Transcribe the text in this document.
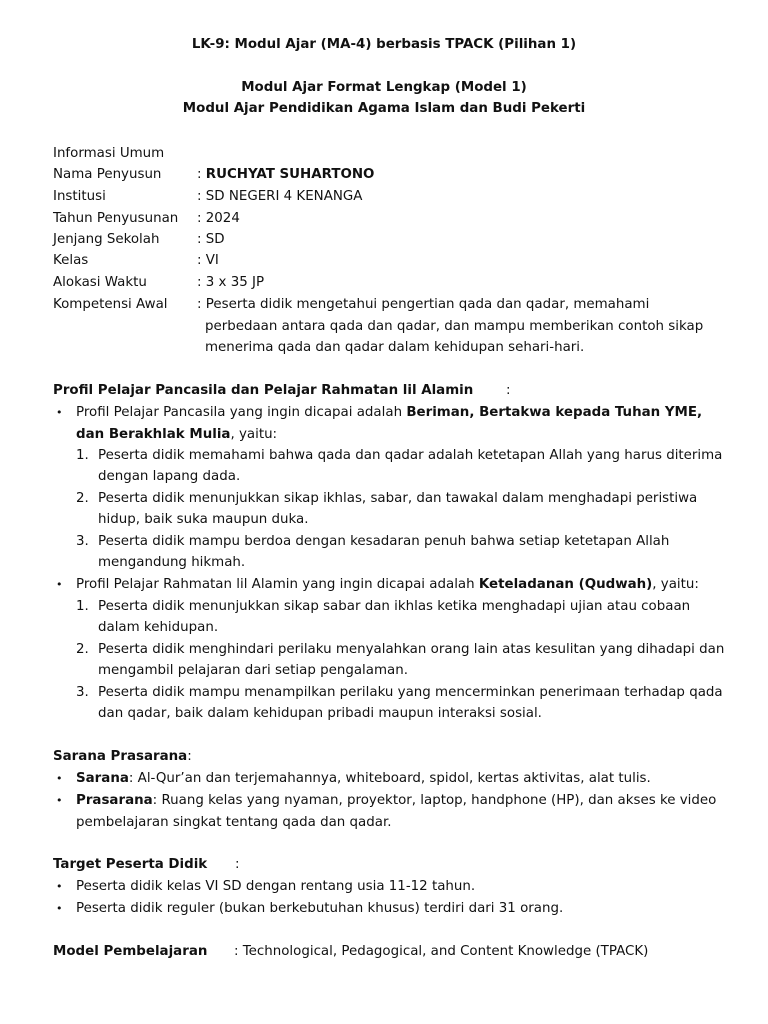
LK-9: Modul Ajar (MA-4) berbasis TPACK (Pilihan 1)
Modul Ajar Format Lengkap (Model 1)
Modul Ajar Pendidikan Agama Islam dan Budi Pekerti
Informasi Umum
Nama Penyusun	: RUCHYAT SUHARTONO
Institusi	: SD NEGERI 4 KENANGA
Tahun Penyusunan : 2024
Jenjang Sekolah	: SD
Kelas	: VI
Alokasi Waktu	: 3 x 35 JP
Kompetensi Awal : Peserta didik mengetahui pengertian qada dan qadar, memahami
perbedaan antara qada dan qadar, dan mampu memberikan contoh sikap
menerima qada dan qadar dalam kehidupan sehari-hari.
Profil Pelajar Pancasila dan Pelajar Rahmatan lil Alamin :
• Profil Pelajar Pancasila yang ingin dicapai adalah Beriman, Bertakwa kepada Tuhan YME,
dan Berakhlak Mulia, yaitu:
1. Peserta didik memahami bahwa qada dan qadar adalah ketetapan Allah yang harus diterima
dengan lapang dada.
2. Peserta didik menunjukkan sikap ikhlas, sabar, dan tawakal dalam menghadapi peristiwa
hidup, baik suka maupun duka.
3. Peserta didik mampu berdoa dengan kesadaran penuh bahwa setiap ketetapan Allah
mengandung hikmah.
• Profil Pelajar Rahmatan lil Alamin yang ingin dicapai adalah Keteladanan (Qudwah), yaitu:
1. Peserta didik menunjukkan sikap sabar dan ikhlas ketika menghadapi ujian atau cobaan
dalam kehidupan.
2. Peserta didik menghindari perilaku menyalahkan orang lain atas kesulitan yang dihadapi dan
mengambil pelajaran dari setiap pengalaman.
3. Peserta didik mampu menampilkan perilaku yang mencerminkan penerimaan terhadap qada
dan qadar, baik dalam kehidupan pribadi maupun interaksi sosial.
Sarana Prasarana:
• Sarana: Al-Qur’an dan terjemahannya, whiteboard, spidol, kertas aktivitas, alat tulis.
• Prasarana: Ruang kelas yang nyaman, proyektor, laptop, handphone (HP), dan akses ke video
pembelajaran singkat tentang qada dan qadar.
Target Peserta Didik :
• Peserta didik kelas VI SD dengan rentang usia 11-12 tahun.
• Peserta didik reguler (bukan berkebutuhan khusus) terdiri dari 31 orang.
Model Pembelajaran : Technological, Pedagogical, and Content Knowledge (TPACK)
